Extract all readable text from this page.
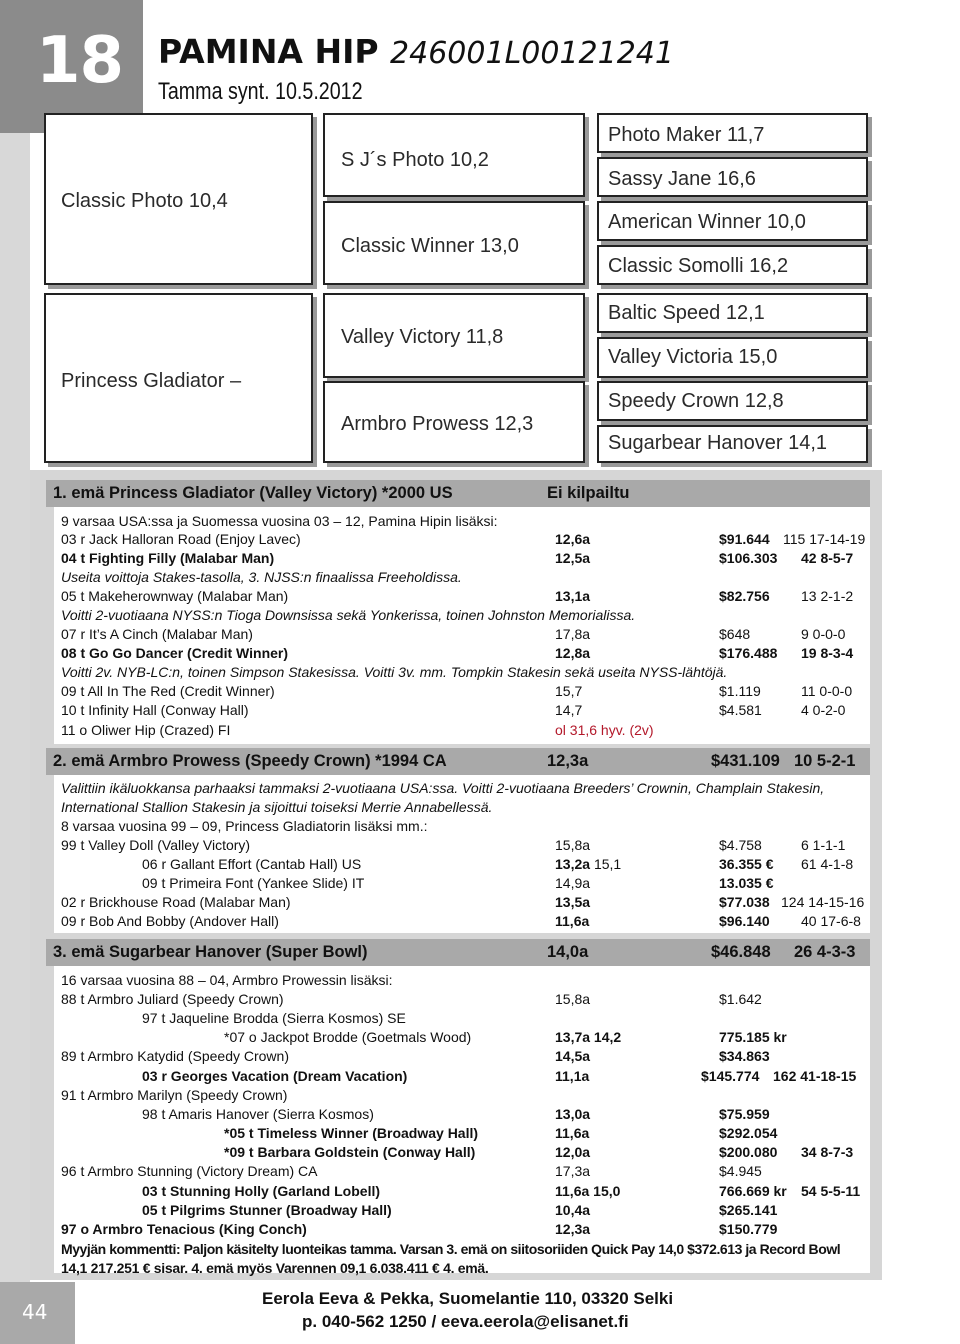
18 PAMINA HIP 246001L00121241
Tamma synt. 10.5.2012
Classic Photo 10,4
Princess Gladiator –
S J´s Photo 10,2
Classic Winner 13,0
Valley Victory 11,8
Armbro Prowess 12,3
Photo Maker 11,7
Sassy Jane 16,6
American Winner 10,0
Classic Somolli 16,2
Baltic Speed 12,1
Valley Victoria 15,0
Speedy Crown 12,8
Sugarbear Hanover 14,1
1. emä Princess Gladiator (Valley Victory) *2000 US	Ei kilpailtu
9 varsaa USA:ssa ja Suomessa vuosina 03 – 12, Pamina Hipin lisäksi:
03 r Jack Halloran Road (Enjoy Lavec)	12,6a	$91.644 115 17-14-19
04 t Fighting Filly (Malabar Man)	12,5a	$106.303 42 8-5-7
Useita voittoja Stakes-tasolla, 3. NJSS:n finaalissa Freeholdissa.
05 t Makeherownway (Malabar Man)	13,1a	$82.756 13 2-1-2
Voitti 2-vuotiaana NYSS:n Tioga Downsissa sekä Yonkerissa, toinen Johnston Memorialissa.
07 r It’s A Cinch (Malabar Man)	17,8a	$648	9 0-0-0
08 t Go Go Dancer (Credit Winner)	12,8a	$176.488 19 8-3-4
Voitti 2v. NYB-LC:n, toinen Simpson Stakesissa. Voitti 3v. mm. Tompkin Stakesin sekä useita NYSS-lähtöjä.
09 t All In The Red (Credit Winner)	15,7	$1.119	11 0-0-0
10 t Infinity Hall (Conway Hall)	14,7	$4.581	4 0-2-0
11 o Oliwer Hip (Crazed) FI	ol 31,6 hyv. (2v)
2. emä Armbro Prowess (Speedy Crown) *1994 CA	12,3a	$431.109 10 5-2-1
Valittiin ikäluokkansa parhaaksi tammaksi 2-vuotiaana USA:ssa. Voitti 2-vuotiaana Breeders’ Crownin, Champlain Stakesin,
International Stallion Stakesin ja sijoittui toiseksi Merrie Annabellessä.
8 varsaa vuosina 99 – 09, Princess Gladiatorin lisäksi mm.:
99 t Valley Doll (Valley Victory)	15,8a	$4.758	6 1-1-1
06 r Gallant Effort (Cantab Hall) US	13,2a 15,1	36.355 € 61 4-1-8
09 t Primeira Font (Yankee Slide) IT	14,9a	13.035 €
02 r Brickhouse Road (Malabar Man)	13,5a	$77.038 124 14-15-16
09 r Bob And Bobby (Andover Hall)	11,6a	$96.140 40 17-6-8
3. emä Sugarbear Hanover (Super Bowl)	14,0a	$46.848 26 4-3-3
16 varsaa vuosina 88 – 04, Armbro Prowessin lisäksi:
88 t Armbro Juliard (Speedy Crown)	15,8a	$1.642
97 t Jaqueline Brodda (Sierra Kosmos) SE
*07 o Jackpot Brodde (Goetmals Wood)	13,7a 14,2	775.185 kr
89 t Armbro Katydid (Speedy Crown)	14,5a	$34.863
03 r Georges Vacation (Dream Vacation)	11,1a	$145.774 162 41-18-15
91 t Armbro Marilyn (Speedy Crown)
98 t Amaris Hanover (Sierra Kosmos)	13,0a	$75.959
*05 t Timeless Winner (Broadway Hall)	11,6a	$292.054
*09 t Barbara Goldstein (Conway Hall)	12,0a	$200.080 34 8-7-3
96 t Armbro Stunning (Victory Dream) CA	17,3a	$4.945
03 t Stunning Holly (Garland Lobell)	11,6a 15,0	766.669 kr 54 5-5-11
05 t Pilgrims Stunner (Broadway Hall)	10,4a	$265.141
97 o Armbro Tenacious (King Conch)	12,3a	$150.779
Myyjän kommentti: Paljon käsitelty luonteikas tamma. Varsan 3. emä on siitosoriiden Quick Pay 14,0 $372.613 ja Record Bowl
14,1 217.251 € sisar. 4. emä myös Varennen 09,1 6.038.411 € 4. emä.
Eerola Eeva & Pekka, Suomelantie 110, 03320 Selki
p. 040-562 1250 / eeva.eerola@elisanet.fi
44
